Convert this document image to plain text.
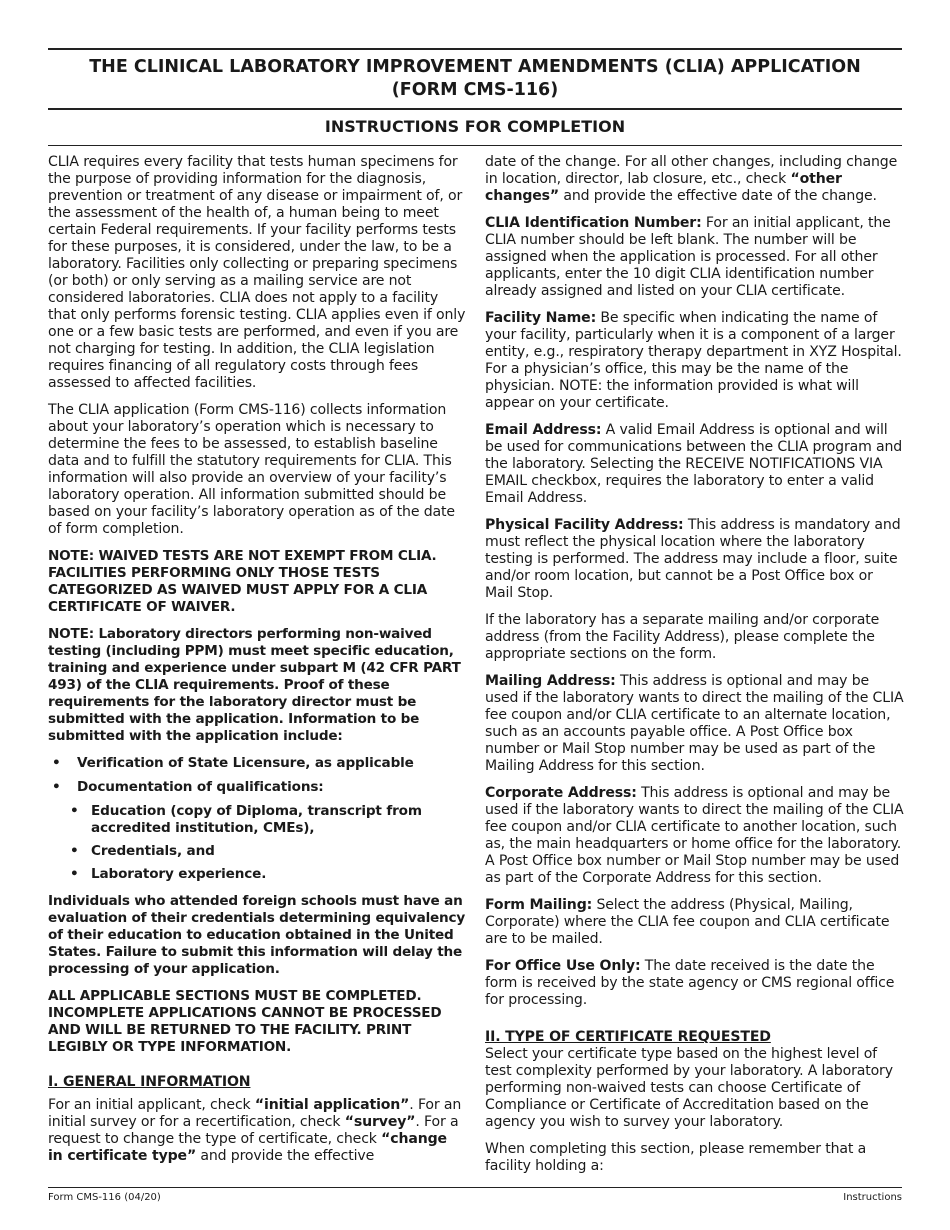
THE CLINICAL LABORATORY IMPROVEMENT AMENDMENTS (CLIA) APPLICATION
(FORM CMS-116)
INSTRUCTIONS FOR COMPLETION

CLIA requires every facility that tests human specimens for the purpose of providing information for the diagnosis, prevention or treatment of any disease or impairment of, or the assessment of the health of, a human being to meet certain Federal requirements. If your facility performs tests for these purposes, it is considered, under the law, to be a laboratory. Facilities only collecting or preparing specimens (or both) or only serving as a mailing service are not considered laboratories. CLIA does not apply to a facility that only performs forensic testing. CLIA applies even if only one or a few basic tests are performed, and even if you are not charging for testing. In addition, the CLIA legislation requires financing of all regulatory costs through fees assessed to affected facilities.

The CLIA application (Form CMS-116) collects information about your laboratory’s operation which is necessary to determine the fees to be assessed, to establish baseline data and to fulfill the statutory requirements for CLIA. This information will also provide an overview of your facility’s laboratory operation. All information submitted should be based on your facility’s laboratory operation as of the date of form completion.

NOTE: WAIVED TESTS ARE NOT EXEMPT FROM CLIA. FACILITIES PERFORMING ONLY THOSE TESTS CATEGORIZED AS WAIVED MUST APPLY FOR A CLIA CERTIFICATE OF WAIVER.

NOTE: Laboratory directors performing non-waived testing (including PPM) must meet specific education, training and experience under subpart M (42 CFR PART 493) of the CLIA requirements. Proof of these requirements for the laboratory director must be submitted with the application. Information to be submitted with the application include:

• Verification of State Licensure, as applicable
• Documentation of qualifications:
• Education (copy of Diploma, transcript from accredited institution, CMEs),
• Credentials, and
• Laboratory experience.

Individuals who attended foreign schools must have an evaluation of their credentials determining equivalency of their education to education obtained in the United States. Failure to submit this information will delay the processing of your application.

ALL APPLICABLE SECTIONS MUST BE COMPLETED. INCOMPLETE APPLICATIONS CANNOT BE PROCESSED AND WILL BE RETURNED TO THE FACILITY. PRINT LEGIBLY OR TYPE INFORMATION.

I. GENERAL INFORMATION

For an initial applicant, check “initial application”. For an initial survey or for a recertification, check “survey”. For a request to change the type of certificate, check “change in certificate type” and provide the effective

date of the change. For all other changes, including change in location, director, lab closure, etc., check “other changes” and provide the effective date of the change.

CLIA Identification Number: For an initial applicant, the CLIA number should be left blank. The number will be assigned when the application is processed. For all other applicants, enter the 10 digit CLIA identification number already assigned and listed on your CLIA certificate.

Facility Name: Be specific when indicating the name of your facility, particularly when it is a component of a larger entity, e.g., respiratory therapy department in XYZ Hospital. For a physician’s office, this may be the name of the physician. NOTE: the information provided is what will appear on your certificate.

Email Address: A valid Email Address is optional and will be used for communications between the CLIA program and the laboratory. Selecting the RECEIVE NOTIFICATIONS VIA EMAIL checkbox, requires the laboratory to enter a valid Email Address.

Physical Facility Address: This address is mandatory and must reflect the physical location where the laboratory testing is performed. The address may include a floor, suite and/or room location, but cannot be a Post Office box or Mail Stop.

If the laboratory has a separate mailing and/or corporate address (from the Facility Address), please complete the appropriate sections on the form.

Mailing Address: This address is optional and may be used if the laboratory wants to direct the mailing of the CLIA fee coupon and/or CLIA certificate to an alternate location, such as an accounts payable office. A Post Office box number or Mail Stop number may be used as part of the Mailing Address for this section.

Corporate Address: This address is optional and may be used if the laboratory wants to direct the mailing of the CLIA fee coupon and/or CLIA certificate to another location, such as, the main headquarters or home office for the laboratory. A Post Office box number or Mail Stop number may be used as part of the Corporate Address for this section.

Form Mailing: Select the address (Physical, Mailing, Corporate) where the CLIA fee coupon and CLIA certificate are to be mailed.

For Office Use Only: The date received is the date the form is received by the state agency or CMS regional office for processing.

II. TYPE OF CERTIFICATE REQUESTED

Select your certificate type based on the highest level of test complexity performed by your laboratory. A laboratory performing non-waived tests can choose Certificate of Compliance or Certificate of Accreditation based on the agency you wish to survey your laboratory.

When completing this section, please remember that a facility holding a:

Form CMS-116 (04/20)	Instructions
